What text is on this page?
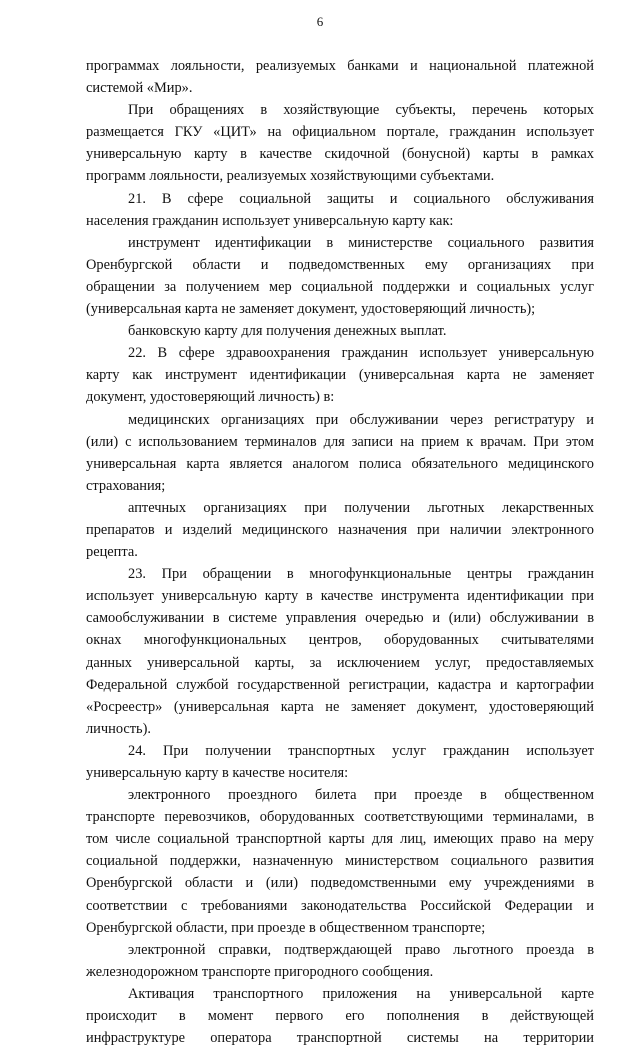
6
программах лояльности, реализуемых банками и национальной платежной
системой «Мир».
При обращениях в хозяйствующие субъекты, перечень которых
размещается ГКУ «ЦИТ» на официальном портале, гражданин использует
универсальную карту в качестве скидочной (бонусной) карты в рамках
программ лояльности, реализуемых хозяйствующими субъектами.
21. В сфере социальной защиты и социального обслуживания
населения гражданин использует универсальную карту как:
инструмент идентификации в министерстве социального развития
Оренбургской области и подведомственных ему организациях при
обращении за получением мер социальной поддержки и социальных услуг
(универсальная карта не заменяет документ, удостоверяющий личность);
банковскую карту для получения денежных выплат.
22. В сфере здравоохранения гражданин использует универсальную
карту как инструмент идентификации (универсальная карта не заменяет
документ, удостоверяющий личность) в:
медицинских организациях при обслуживании через регистратуру и
(или) с использованием терминалов для записи на прием к врачам. При этом
универсальная карта является аналогом полиса обязательного медицинского
страхования;
аптечных организациях при получении льготных лекарственных
препаратов и изделий медицинского назначения при наличии электронного
рецепта.
23. При обращении в многофункциональные центры гражданин
использует универсальную карту в качестве инструмента идентификации при
самообслуживании в системе управления очередью и (или) обслуживании в
окнах многофункциональных центров, оборудованных считывателями
данных универсальной карты, за исключением услуг, предоставляемых
Федеральной службой государственной регистрации, кадастра и картографии
«Росреестр» (универсальная карта не заменяет документ, удостоверяющий
личность).
24. При получении транспортных услуг гражданин использует
универсальную карту в качестве носителя:
электронного проездного билета при проезде в общественном
транспорте перевозчиков, оборудованных соответствующими терминалами, в
том числе социальной транспортной карты для лиц, имеющих право на меру
социальной поддержки, назначенную министерством социального развития
Оренбургской области и (или) подведомственными ему учреждениями в
соответствии с требованиями законодательства Российской Федерации и
Оренбургской области, при проезде в общественном транспорте;
электронной справки, подтверждающей право льготного проезда в
железнодорожном транспорте пригородного сообщения.
Активация транспортного приложения на универсальной карте
происходит в момент первого его пополнения в действующей
инфраструктуре оператора транспортной системы на территории
